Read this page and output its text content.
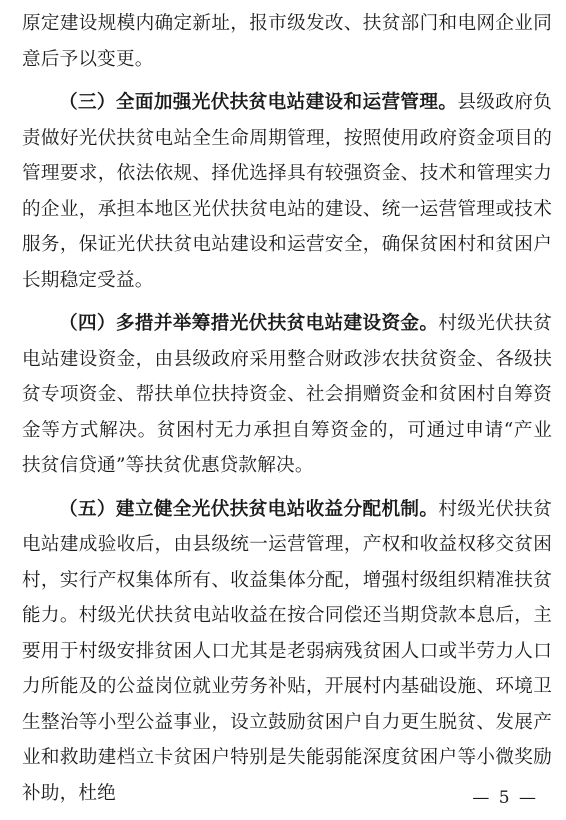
原定建设规模内确定新址，报市级发改、扶贫部门和电网企业同意后予以变更。

（三）全面加强光伏扶贫电站建设和运营管理。县级政府负责做好光伏扶贫电站全生命周期管理，按照使用政府资金项目的管理要求，依法依规、择优选择具有较强资金、技术和管理实力的企业，承担本地区光伏扶贫电站的建设、统一运营管理或技术服务，保证光伏扶贫电站建设和运营安全，确保贫困村和贫困户长期稳定受益。

（四）多措并举筹措光伏扶贫电站建设资金。村级光伏扶贫电站建设资金，由县级政府采用整合财政涉农扶贫资金、各级扶贫专项资金、帮扶单位扶持资金、社会捐赠资金和贫困村自筹资金等方式解决。贫困村无力承担自筹资金的，可通过申请“产业扶贫信贷通”等扶贫优惠贷款解决。

（五）建立健全光伏扶贫电站收益分配机制。村级光伏扶贫电站建成验收后，由县级统一运营管理，产权和收益权移交贫困村，实行产权集体所有、收益集体分配，增强村级组织精准扶贫能力。村级光伏扶贫电站收益在按合同偿还当期贷款本息后，主要用于村级安排贫困人口尤其是老弱病残贫困人口或半劳力人口力所能及的公益岗位就业劳务补贴，开展村内基础设施、环境卫生整治等小型公益事业，设立鼓励贫困户自力更生脱贫、发展产业和救助建档立卡贫困户特别是失能弱能深度贫困户等小微奖励补助，杜绝	— 5 —
